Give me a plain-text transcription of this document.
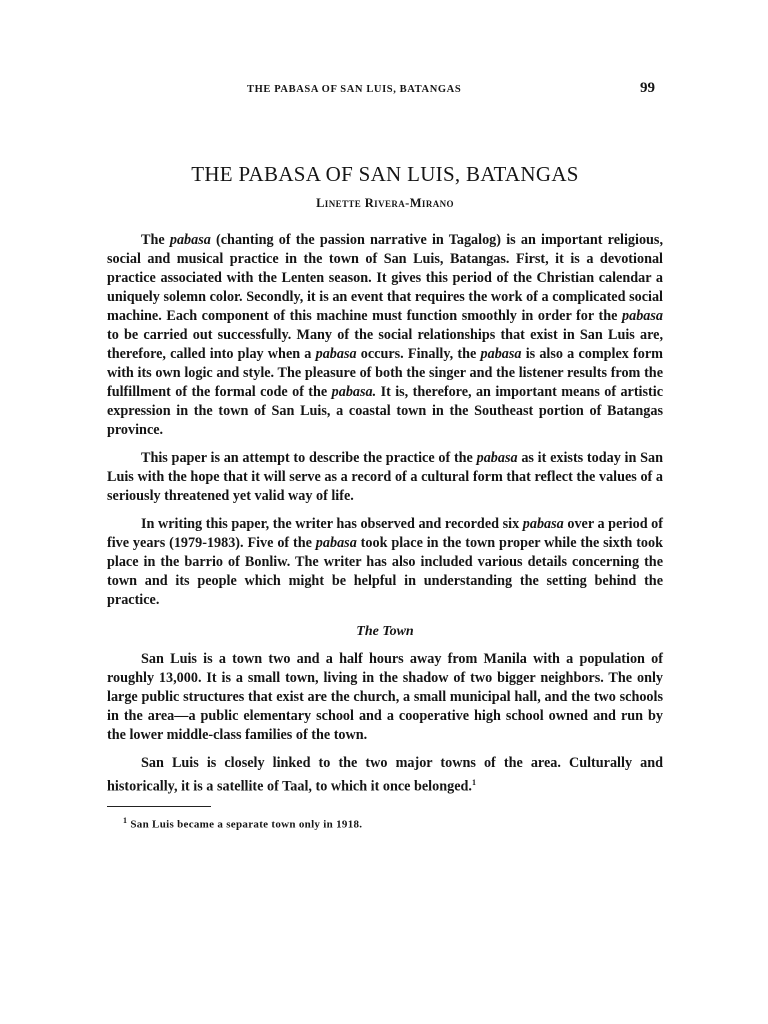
THE PABASA OF SAN LUIS, BATANGAS	99
THE PABASA OF SAN LUIS, BATANGAS
Linette Rivera-Mirano

The pabasa (chanting of the passion narrative in Tagalog) is an important religious, social and musical practice in the town of San Luis, Batangas. First, it is a devotional practice associated with the Lenten season. It gives this period of the Christian calendar a uniquely solemn color. Secondly, it is an event that requires the work of a complicated social machine. Each component of this machine must function smoothly in order for the pabasa to be carried out successfully. Many of the social relationships that exist in San Luis are, therefore, called into play when a pabasa occurs. Finally, the pabasa is also a complex form with its own logic and style. The pleasure of both the singer and the listener results from the fulfillment of the formal code of the pabasa. It is, therefore, an important means of artistic expression in the town of San Luis, a coastal town in the Southeast portion of Batangas province.

This paper is an attempt to describe the practice of the pabasa as it exists today in San Luis with the hope that it will serve as a record of a cultural form that reflect the values of a seriously threatened yet valid way of life.

In writing this paper, the writer has observed and recorded six pabasa over a period of five years (1979-1983). Five of the pabasa took place in the town proper while the sixth took place in the barrio of Bonliw. The writer has also included various details concerning the town and its people which might be helpful in understanding the setting behind the practice.

The Town

San Luis is a town two and a half hours away from Manila with a population of roughly 13,000. It is a small town, living in the shadow of two bigger neighbors. The only large public structures that exist are the church, a small municipal hall, and the two schools in the area—a public elementary school and a cooperative high school owned and run by the lower middle-class families of the town.

San Luis is closely linked to the two major towns of the area. Culturally and historically, it is a satellite of Taal, to which it once belonged.$^1$

$^1$ San Luis became a separate town only in 1918.
